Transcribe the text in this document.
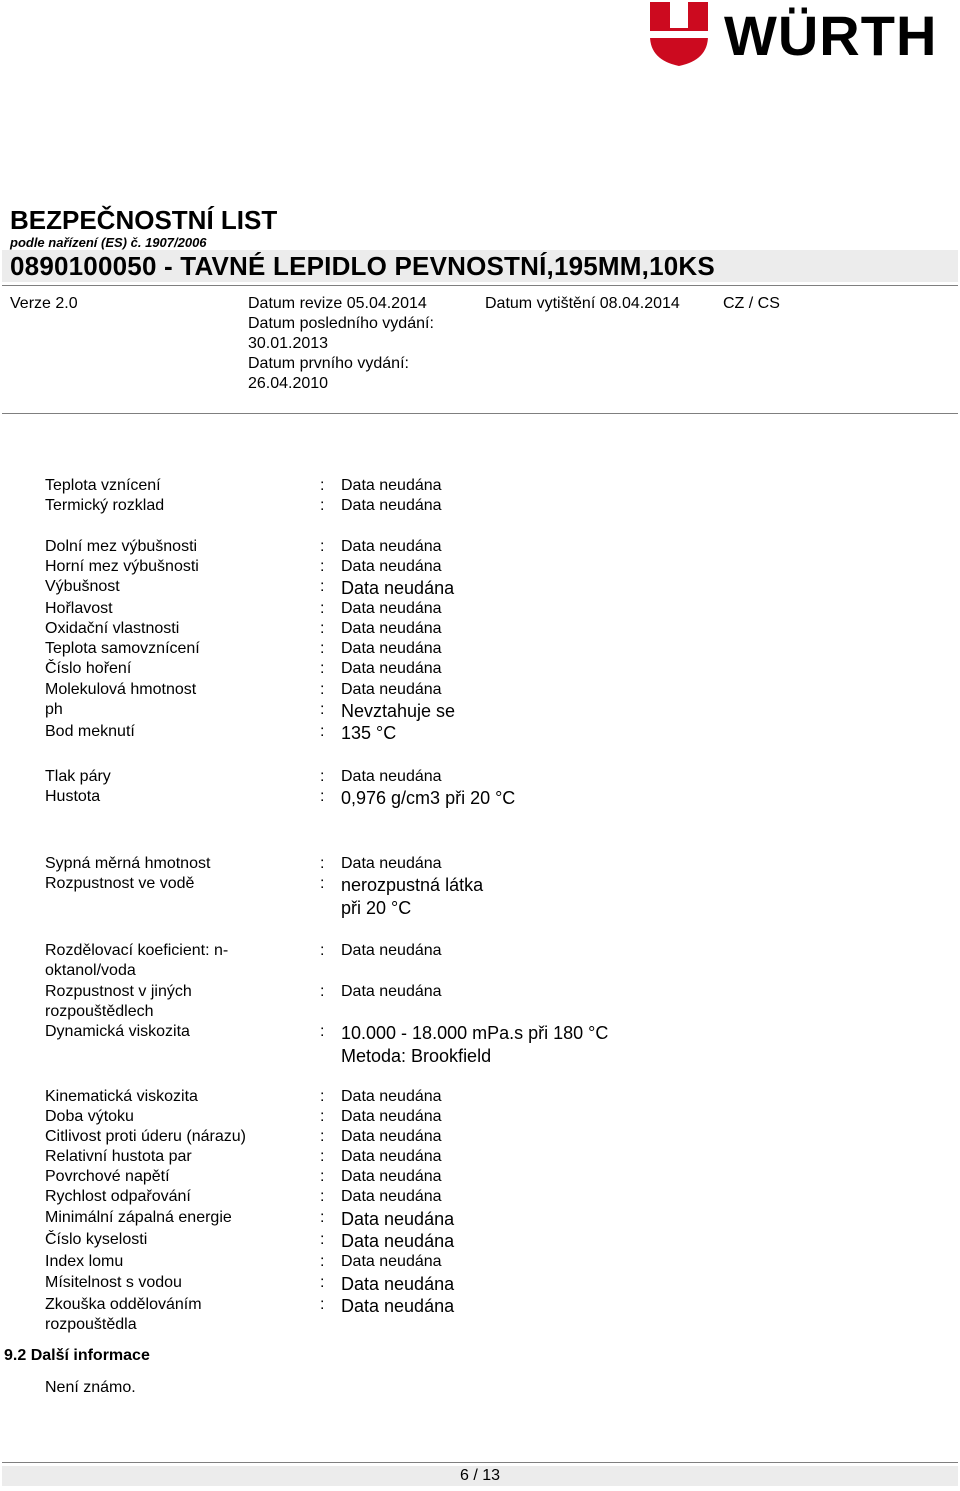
WÜRTH
BEZPEČNOSTNÍ LIST
podle nařízení (ES) č. 1907/2006
0890100050 - TAVNÉ LEPIDLO PEVNOSTNÍ,195MM,10KS
Verze 2.0	Datum revize 05.04.2014
Datum posledního vydání:
30.01.2013
Datum prvního vydání:
26.04.2010
Datum vytištění 08.04.2014	CZ / CS
Teplota vznícení	: Data neudána
Termický rozklad	: Data neudána
Dolní mez výbušnosti	: Data neudána
Horní mez výbušnosti	: Data neudána
Výbušnost	: Data neudána
Hořlavost	: Data neudána
Oxidační vlastnosti	: Data neudána
Teplota samovznícení	: Data neudána
Číslo hoření	: Data neudána
Molekulová hmotnost	: Data neudána
ph	: Nevztahuje se
Bod meknutí	: 135 °C
Tlak páry	: Data neudána
Hustota	: 0,976 g/cm3 při 20 °C
Sypná měrná hmotnost	: Data neudána
Rozpustnost ve vodě	: nerozpustná látka
při 20 °C
Rozdělovací koeficient: n-
oktanol/voda
: Data neudána
Rozpustnost v jiných
rozpouštědlech
: Data neudána
Dynamická viskozita	: 10.000 - 18.000 mPa.s při 180 °C
Metoda: Brookfield
Kinematická viskozita	: Data neudána
Doba výtoku	: Data neudána
Citlivost proti úderu (nárazu)	: Data neudána
Relativní hustota par	: Data neudána
Povrchové napětí	: Data neudána
Rychlost odpařování	: Data neudána
Minimální zápalná energie	: Data neudána
Číslo kyselosti	: Data neudána
Index lomu	: Data neudána
Mísitelnost s vodou	: Data neudána
Zkouška oddělováním
rozpouštědla
: Data neudána
9.2 Další informace
Není známo.
6 / 13
